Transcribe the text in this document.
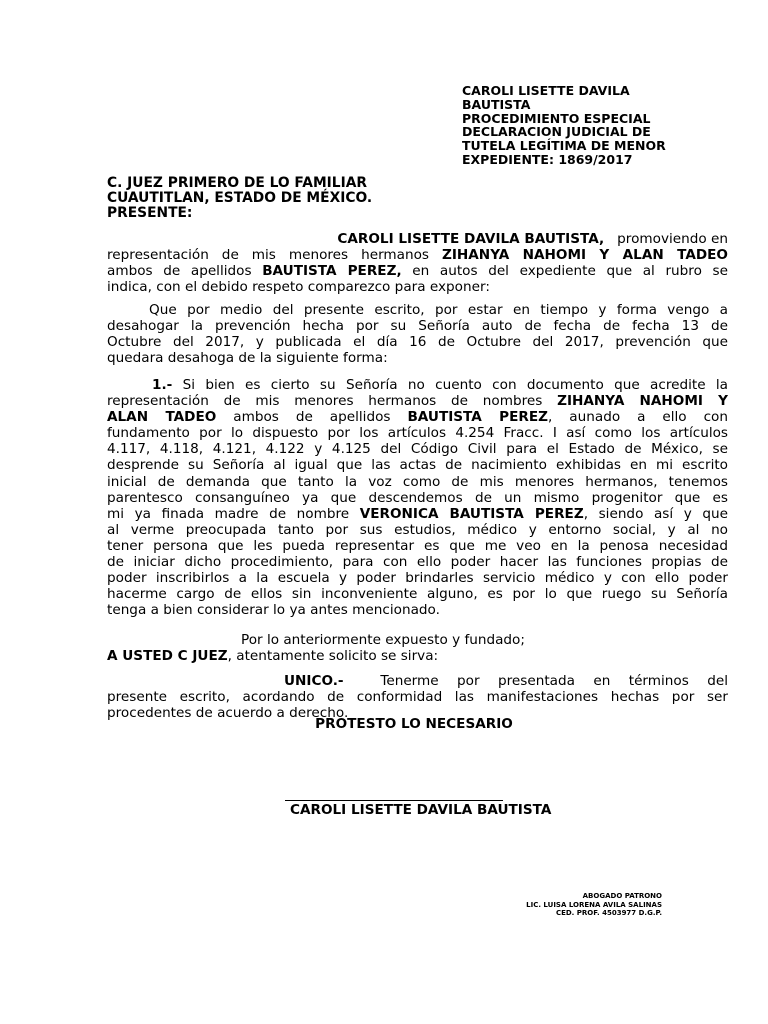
CAROLI LISETTE DAVILA
BAUTISTA
PROCEDIMIENTO ESPECIAL
DECLARACION JUDICIAL DE
TUTELA LEGÍTIMA DE MENOR
EXPEDIENTE: 1869/2017
C. JUEZ PRIMERO DE LO FAMILIAR
CUAUTITLAN, ESTADO DE MÉXICO.
PRESENTE:
CAROLI LISETTE DAVILA BAUTISTA, promoviendo en
representación de mis menores hermanos ZIHANYA NAHOMI Y ALAN TADEO
ambos de apellidos BAUTISTA PEREZ, en autos del expediente que al rubro se
indica, con el debido respeto comparezco para exponer:
Que por medio del presente escrito, por estar en tiempo y forma vengo a
desahogar la prevención hecha por su Señoría auto de fecha de fecha 13 de
Octubre del 2017, y publicada el día 16 de Octubre del 2017, prevención que
quedara desahoga de la siguiente forma:
1.- Si bien es cierto su Señoría no cuento con documento que acredite la
representación de mis menores hermanos de nombres ZIHANYA NAHOMI Y
ALAN TADEO ambos de apellidos BAUTISTA PEREZ, aunado a ello con
fundamento por lo dispuesto por los artículos 4.254 Fracc. I así como los artículos
4.117, 4.118, 4.121, 4.122 y 4.125 del Código Civil para el Estado de México, se
desprende su Señoría al igual que las actas de nacimiento exhibidas en mi escrito
inicial de demanda que tanto la voz como de mis menores hermanos, tenemos
parentesco consanguíneo ya que descendemos de un mismo progenitor que es
mi ya finada madre de nombre VERONICA BAUTISTA PEREZ, siendo así y que
al verme preocupada tanto por sus estudios, médico y entorno social, y al no
tener persona que les pueda representar es que me veo en la penosa necesidad
de iniciar dicho procedimiento, para con ello poder hacer las funciones propias de
poder inscribirlos a la escuela y poder brindarles servicio médico y con ello poder
hacerme cargo de ellos sin inconveniente alguno, es por lo que ruego su Señoría
tenga a bien considerar lo ya antes mencionado.
Por lo anteriormente expuesto y fundado;
A USTED C JUEZ, atentamente solicito se sirva:
UNICO.-	Tenerme por presentada en términos del
presente escrito, acordando de conformidad las manifestaciones hechas por ser
procedentes de acuerdo a derecho.
PROTESTO LO NECESARIO
CAROLI LISETTE DAVILA BAUTISTA
ABOGADO PATRONO
LIC. LUISA LORENA AVILA SALINAS
CED. PROF. 4503977 D.G.P.
